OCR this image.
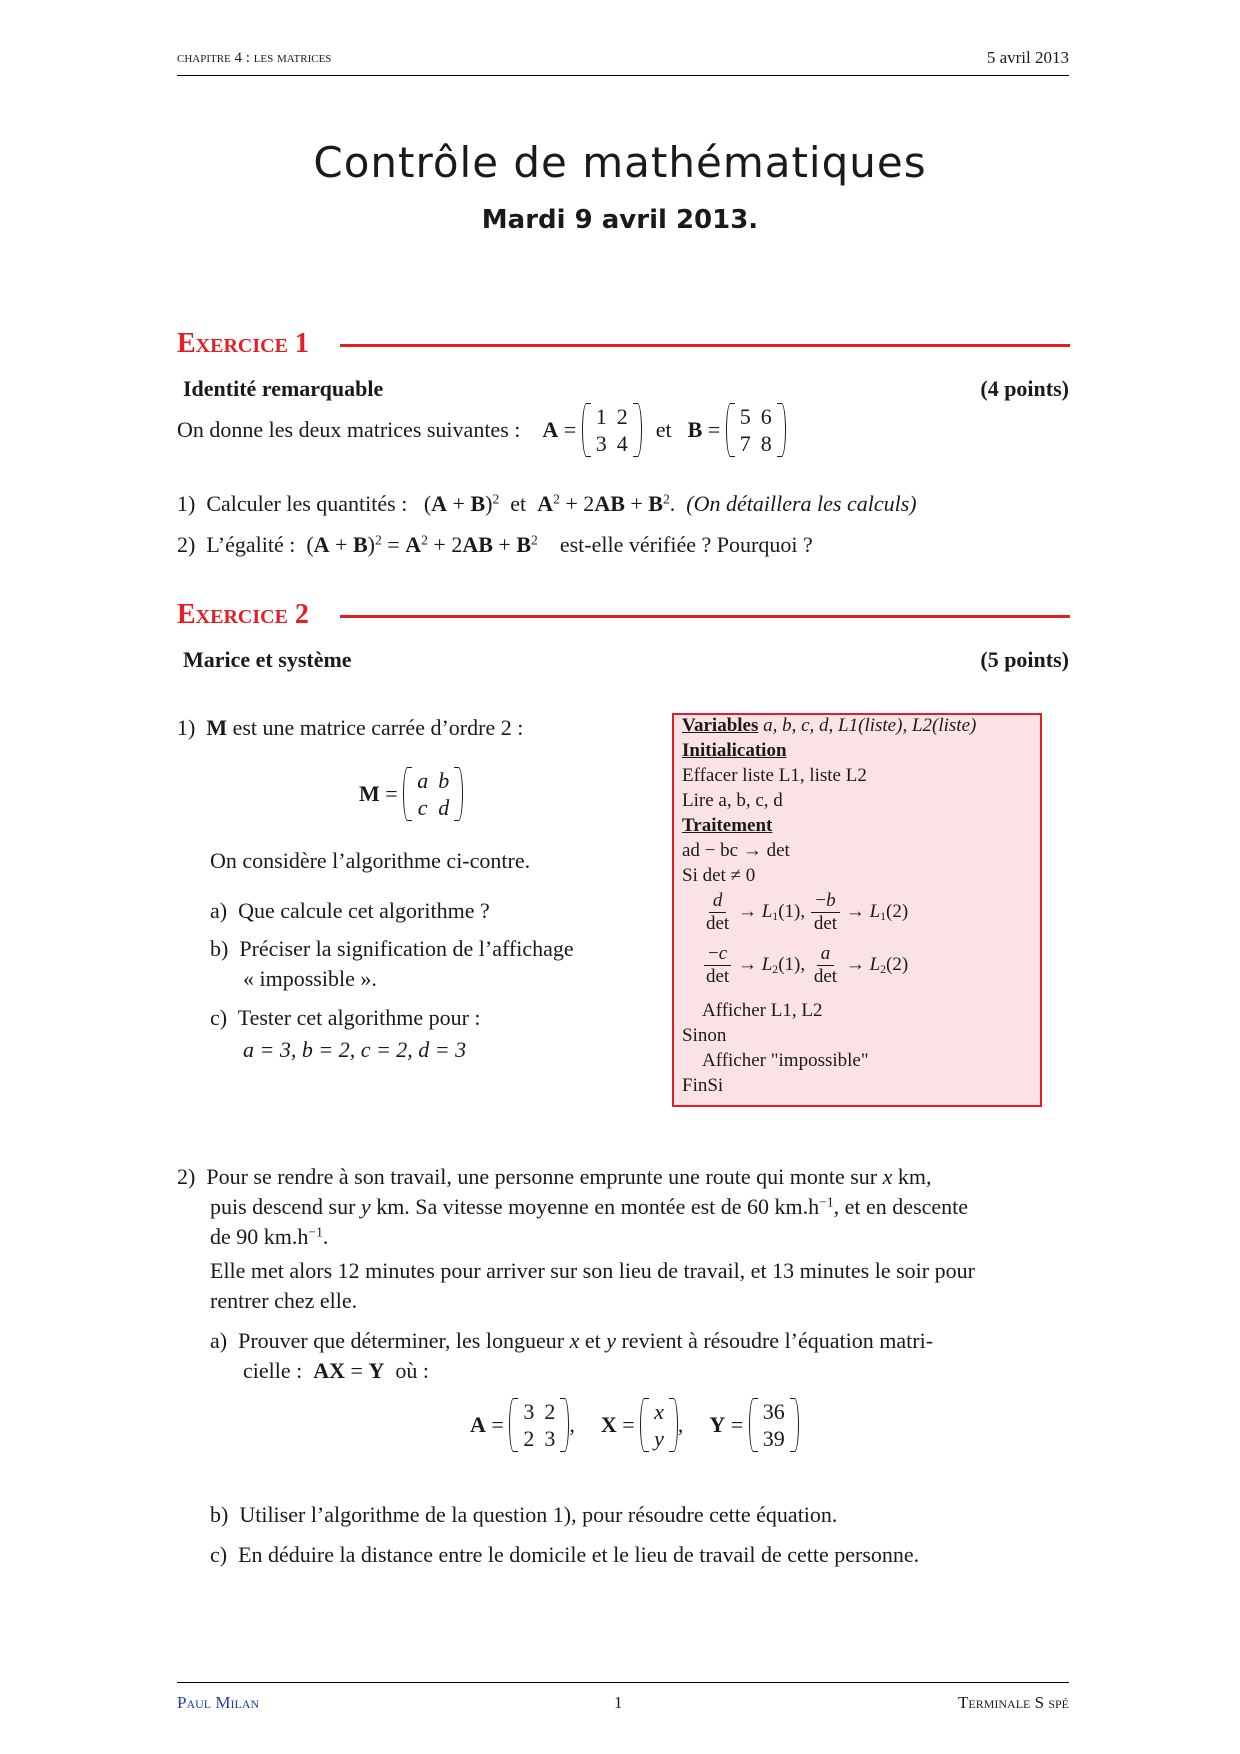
chapitre 4 : les matrices	5 avril 2013
Contrôle de mathématiques
Mardi 9 avril 2013.
Exercice 1
Identité remarquable	(4 points)
On donne les deux matrices suivantes : A =
1	2
3	4
et B =
5	6
7	8
1) Calculer les quantités :   $(A + B)^2$  et  $A^2 + 2AB + B^2$.  (On détaillera les calculs)
2) L’égalité :  $(A + B)^2 = A^2 + 2AB + B^2$ est-elle vérifiée ? Pourquoi ?
Exercice 2
Marice et système	(5 points)
1) M est une matrice carrée d’ordre 2 :
M =
a	b
c	d
On considère l’algorithme ci-contre.
a) Que calcule cet algorithme ?
b) Préciser la signification de l’affichage
« impossible ».
c) Tester cet algorithme pour :
a = 3, b = 2, c = 2, d = 3
Variables a, b, c, d, L1(liste), L2(liste)
Initialication
Effacer liste L1, liste L2
Lire a, b, c, d
Traitement
ad − bc → det
Si det ≠ 0
$\frac{d}{\det} \to L_1(1)$, $\frac{-b}{\det} \to L_1(2)$
$\frac{-c}{\det} \to L_2(1)$, $\frac{a}{\det} \to L_2(2)$
Afficher L1, L2
Sinon
Afficher "impossible"
FinSi
2) Pour se rendre à son travail, une personne emprunte une route qui monte sur x km,
puis descend sur y km. Sa vitesse moyenne en montée est de 60 $km.h^{-1}$, et en descente
de 90 $km.h^{-1}$.
Elle met alors 12 minutes pour arriver sur son lieu de travail, et 13 minutes le soir pour
rentrer chez elle.
a) Prouver que déterminer, les longueur x et y revient à résoudre l’équation matri-
cielle : AX = Y où :
A =
3	2
2	3
, X =
x
y
, Y =
36
39
b) Utiliser l’algorithme de la question 1), pour résoudre cette équation.
c) En déduire la distance entre le domicile et le lieu de travail de cette personne.
Paul Milan	1	Terminale S spé
